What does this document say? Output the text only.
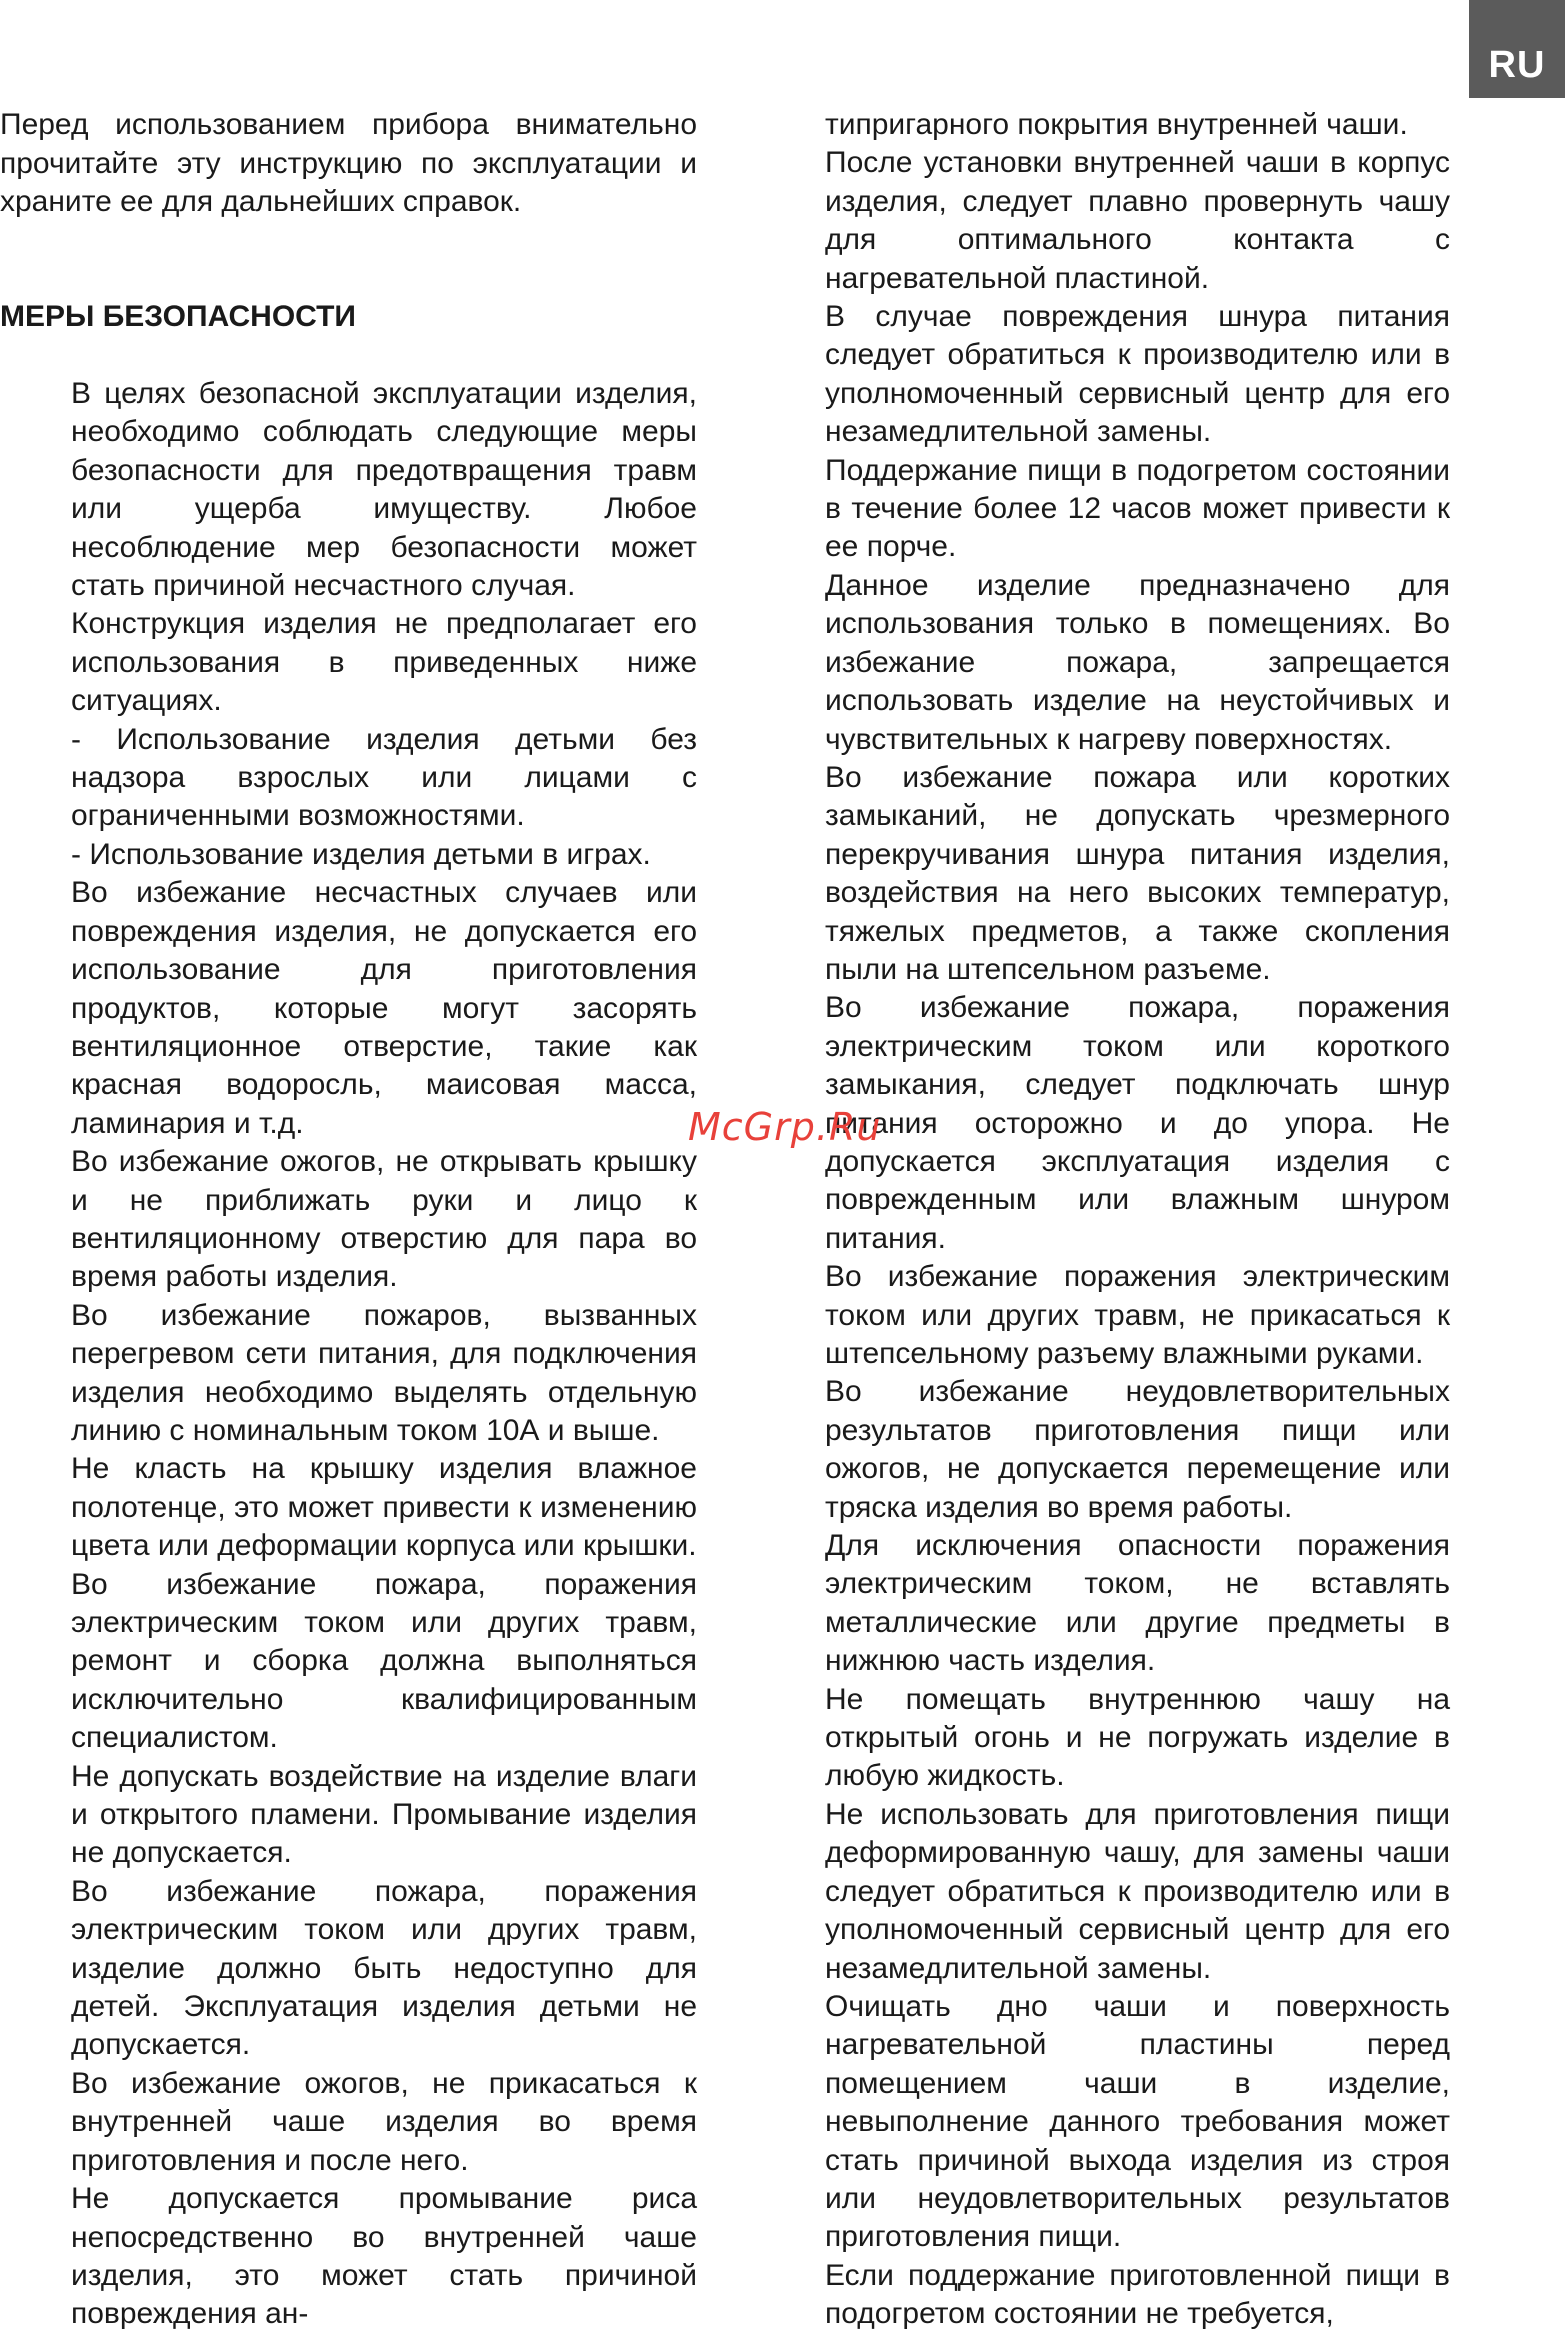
RU
Перед использованием прибора внимательно прочитайте эту инструкцию по эксплуатации и храните ее для дальнейших справок.
МЕРЫ БЕЗОПАСНОСТИ

В целях безопасной эксплуатации изделия, необходимо соблюдать следующие меры безопасности для предотвращения травм или ущерба имуществу. Любое несоблюдение мер безопасности может стать причиной несчастного случая.

Конструкция изделия не предполагает его использования в приведенных ниже ситуациях.

- Использование изделия детьми без надзора взрослых или лицами с ограниченными возможностями.

- Использование изделия детьми в играх.

Во избежание несчастных случаев или повреждения изделия, не допускается его использование для приготовления продуктов, которые могут засорять вентиляционное отверстие, такие как красная водоросль, маисовая масса, ламинария и т.д.

Во избежание ожогов, не открывать крышку и не приближать руки и лицо к вентиляционному отверстию для пара во время работы изделия.

Во избежание пожаров, вызванных перегревом сети питания, для подключения изделия необходимо выделять отдельную линию с номинальным током 10А и выше.

Не класть на крышку изделия влажное полотенце, это может привести к изменению цвета или деформации корпуса или крышки.

Во избежание пожара, поражения электрическим током или других травм, ремонт и сборка должна выполняться исключительно квалифицированным специалистом.

Не допускать воздействие на изделие влаги и открытого пламени. Промывание изделия не допускается.

Во избежание пожара, поражения электрическим током или других травм, изделие должно быть недоступно для детей. Эксплуатация изделия детьми не допускается.

Во избежание ожогов, не прикасаться к внутренней чаше изделия во время приготовления и после него.

Не допускается промывание риса непосредственно во внутренней чаше изделия, это может стать причиной повреждения ан-

типригарного покрытия внутренней чаши.

После установки внутренней чаши в корпус изделия, следует плавно провернуть чашу для оптимального контакта с нагревательной пластиной.

В случае повреждения шнура питания следует обратиться к производителю или в уполномоченный сервисный центр для его незамедлительной замены.

Поддержание пищи в подогретом состоянии в течение более 12 часов может привести к ее порче.

Данное изделие предназначено для использования только в помещениях. Во избежание пожара, запрещается использовать изделие на неустойчивых и чувствительных к нагреву поверхностях.

Во избежание пожара или коротких замыканий, не допускать чрезмерного перекручивания шнура питания изделия, воздействия на него высоких температур, тяжелых предметов, а также скопления пыли на штепсельном разъеме.

Во избежание пожара, поражения электрическим током или короткого замыкания, следует подключать шнур питания осторожно и до упора. Не допускается эксплуатация изделия с поврежденным или влажным шнуром питания.

Во избежание поражения электрическим током или других травм, не прикасаться к штепсельному разъему влажными руками.

Во избежание неудовлетворительных результатов приготовления пищи или ожогов, не допускается перемещение или тряска изделия во время работы.

Для исключения опасности поражения электрическим током, не вставлять металлические или другие предметы в нижнюю часть изделия.

Не помещать внутреннюю чашу на открытый огонь и не погружать изделие в любую жидкость.

Не использовать для приготовления пищи деформированную чашу, для замены чаши следует обратиться к производителю или в уполномоченный сервисный центр для его незамедлительной замены.

Очищать дно чаши и поверхность нагревательной пластины перед помещением чаши в изделие, невыполнение данного требования может стать причиной выхода изделия из строя или неудовлетворительных результатов приготовления пищи.

Если поддержание приготовленной пищи в подогретом состоянии не требуется,

McGrp.Ru
